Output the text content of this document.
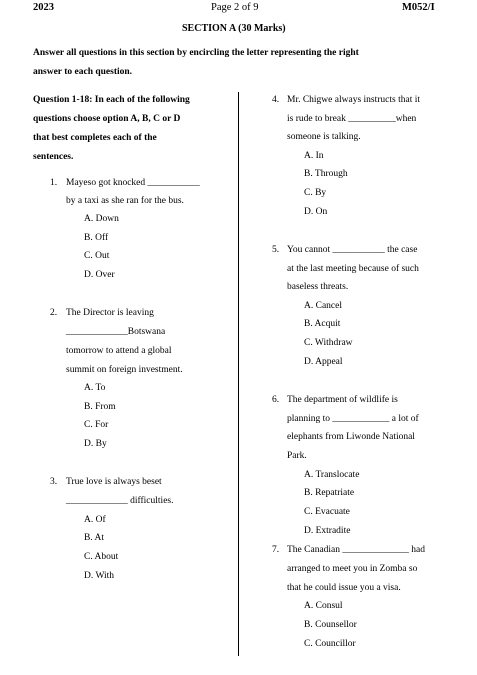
2023	Page 2 of 9	M052/I
SECTION A (30 Marks)
Answer all questions in this section by encircling the letter representing the right
answer to each question.
Question 1-18: In each of the following
questions choose option A, B, C or D
that best completes each of the
sentences.
1. Mayeso got knocked ___________
by a taxi as she ran for the bus.
A. Down
B. Off
C. Out
D. Over
2. The Director is leaving
_____________Botswana
tomorrow to attend a global
summit on foreign investment.
A. To
B. From
C. For
D. By
3. True love is always beset
_____________ difficulties.
A. Of
B. At
C. About
D. With
4. Mr. Chigwe always instructs that it
is rude to break __________when
someone is talking.
A. In
B. Through
C. By
D. On
5. You cannot ___________ the case
at the last meeting because of such
baseless threats.
A. Cancel
B. Acquit
C. Withdraw
D. Appeal
6. The department of wildlife is
planning to ____________ a lot of
elephants from Liwonde National
Park.
A. Translocate
B. Repatriate
C. Evacuate
D. Extradite
7. The Canadian ______________ had
arranged to meet you in Zomba so
that he could issue you a visa.
A. Consul
B. Counsellor
C. Councillor
